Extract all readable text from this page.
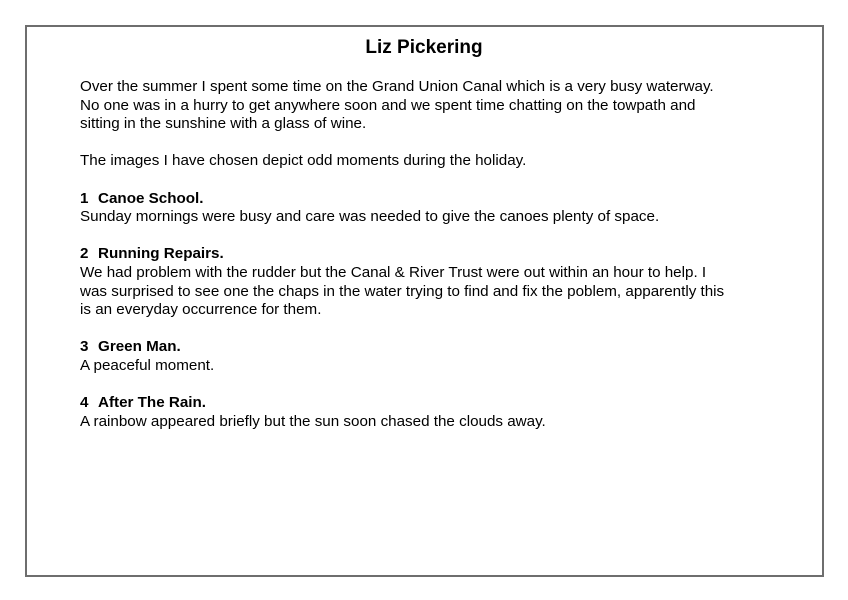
Liz Pickering

Over the summer I spent some time on the Grand Union Canal which is a very busy waterway.
No one was in a hurry to get anywhere soon and we spent time chatting on the towpath and
sitting in the sunshine with a glass of wine.

The images I have chosen depict odd moments during the holiday.

1 Canoe School.
Sunday mornings were busy and care was needed to give the canoes plenty of space.
2 Running Repairs.
We had problem with the rudder but the Canal & River Trust were out within an hour to help. I
was surprised to see one the chaps in the water trying to find and fix the poblem, apparently this
is an everyday occurrence for them.
3 Green Man.
A peaceful moment.
4 After The Rain.
A rainbow appeared briefly but the sun soon chased the clouds away.
